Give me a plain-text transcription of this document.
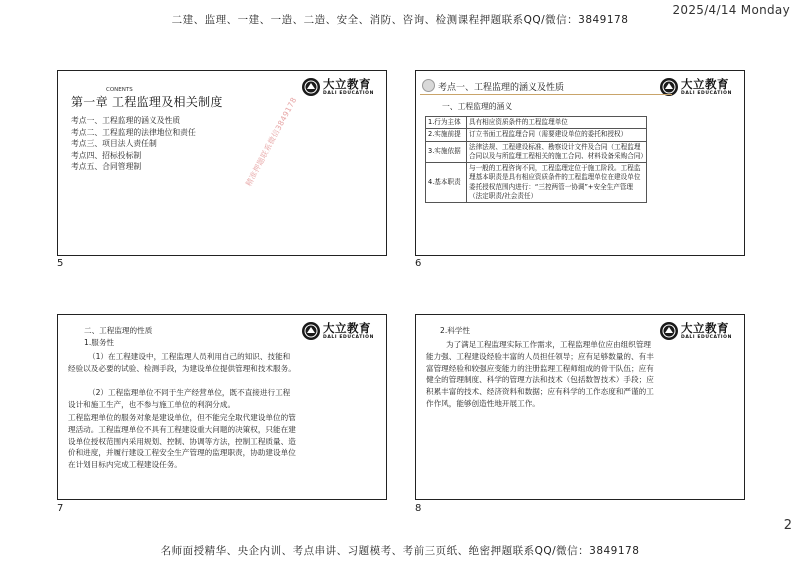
二建、监理、一建、一造、二造、安全、消防、咨询、检测课程押题联系QQ/微信：3849178
2025/4/14 Monday
大立教育
DALI EDUCATION
CONENTS
第一章 工程监理及相关制度
考点一、工程监理的涵义及性质
考点二、工程监理的法律地位和责任
考点三、项目法人责任制
考点四、招标投标制
考点五、合同管理制	精准押题联系微信3849178
5
大立教育
DALI EDUCATION
考点一、工程监理的涵义及性质
一、工程监理的涵义
1.行为主体	具有相应资质条件的工程监理单位
2.实施前提	订立书面工程监理合同（需要建设单位的委托和授权）
3.实施依据	法律法规、工程建设标准、勘察设计文件及合同（工程监理合同以及与所监理工程相关的施工合同、材料设备采购合同）
4.基本职责	与一般的工程咨询不同，工程监理定位于施工阶段。工程监理基本职责是具有相应资质条件的工程监理单位在建设单位委托授权范围内进行：“三控两管一协调”+安全生产管理（法定职责/社会责任）
6
大立教育
DALI EDUCATION
二、工程监理的性质
1.服务性
（1）在工程建设中，工程监理人员利用自己的知识、技能和经验以及必要的试验、检测手段，为建设单位提供管理和技术服务。
（2）工程监理单位不同于生产经营单位，既不直接进行工程设计和施工生产，也不参与施工单位的利润分成。
工程监理单位的服务对象是建设单位，但不能完全取代建设单位的管理活动。工程监理单位不具有工程建设重大问题的决策权，只能在建设单位授权范围内采用规划、控制、协调等方法，控制工程质量、造价和进度，并履行建设工程安全生产管理的监理职责，协助建设单位在计划目标内完成工程建设任务。
7
大立教育
DALI EDUCATION
2.科学性
为了满足工程监理实际工作需求，工程监理单位应由组织管理能力强、工程建设经验丰富的人员担任领导；应有足够数量的、有丰富管理经验和较强应变能力的注册监理工程师组成的骨干队伍；应有健全的管理制度、科学的管理方法和技术（包括数智技术）手段；应积累丰富的技术、经济资料和数据；应有科学的工作态度和严谨的工作作风，能够创造性地开展工作。
8
2
名师面授精华、央企内训、考点串讲、习题模考、考前三页纸、绝密押题联系QQ/微信：3849178
